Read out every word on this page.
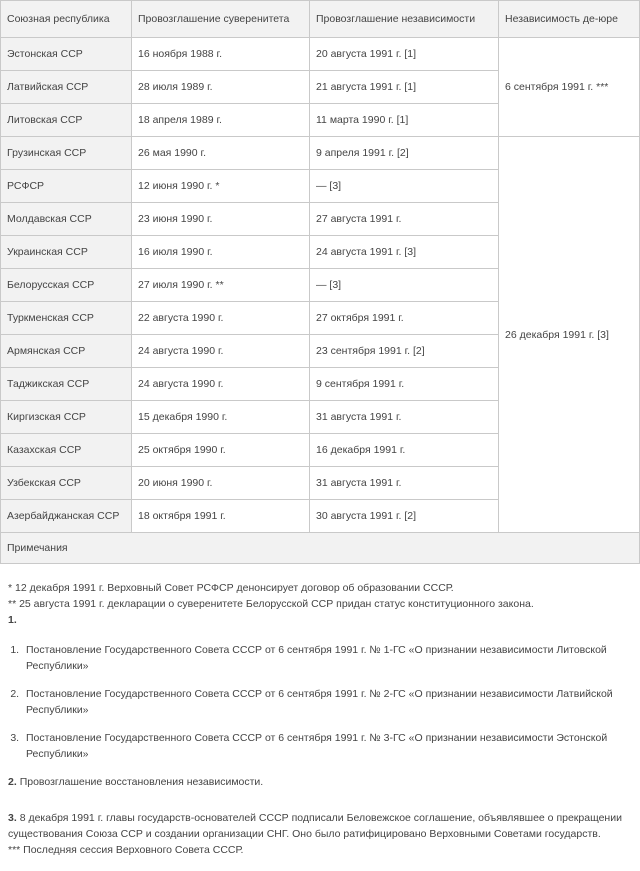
Союзная республика	Провозглашение суверенитета	Провозглашение независимости	Независимость де-юре
Эстонская ССР	16 ноября 1988 г.	20 августа 1991 г. [1]	6 сентября 1991 г. ***
Латвийская ССР	28 июля 1989 г.	21 августа 1991 г. [1]	
Литовская ССР	18 апреля 1989 г.	11 марта 1990 г. [1]	
Грузинская ССР	26 мая 1990 г.	9 апреля 1991 г. [2]	26 декабря 1991 г. [3]
РСФСР	12 июня 1990 г. *	— [3]	
Молдавская ССР	23 июня 1990 г.	27 августа 1991 г.	
Украинская ССР	16 июля 1990 г.	24 августа 1991 г. [3]	
Белорусская ССР	27 июля 1990 г. **	— [3]	
Туркменская ССР	22 августа 1990 г.	27 октября 1991 г.	
Армянская ССР	24 августа 1990 г.	23 сентября 1991 г. [2]	
Таджикская ССР	24 августа 1990 г.	9 сентября 1991 г.	
Киргизская ССР	15 декабря 1990 г.	31 августа 1991 г.	
Казахская ССР	25 октября 1990 г.	16 декабря 1991 г.	
Узбекская ССР	20 июня 1990 г.	31 августа 1991 г.	
Азербайджанская ССР	18 октября 1991 г.	30 августа 1991 г. [2]	
Примечания			

* 12 декабря 1991 г. Верховный Совет РСФСР денонсирует договор об образовании СССР.

** 25 августа 1991 г. декларации о суверенитете Белорусской ССР придан статус конституционного закона.

1.

1. Постановление Государственного Совета СССР от 6 сентября 1991 г. № 1-ГС «О признании независимости Литовской Республики»
2. Постановление Государственного Совета СССР от 6 сентября 1991 г. № 2-ГС «О признании независимости Латвийской Республики»
3. Постановление Государственного Совета СССР от 6 сентября 1991 г. № 3-ГС «О признании независимости Эстонской Республики»

2. Провозглашение восстановления независимости.

3. 8 декабря 1991 г. главы государств-основателей СССР подписали Беловежское соглашение, объявлявшее о прекращении существования Союза ССР и создании организации СНГ. Оно было ратифицировано Верховными Советами государств.

*** Последняя сессия Верховного Совета СССР.
